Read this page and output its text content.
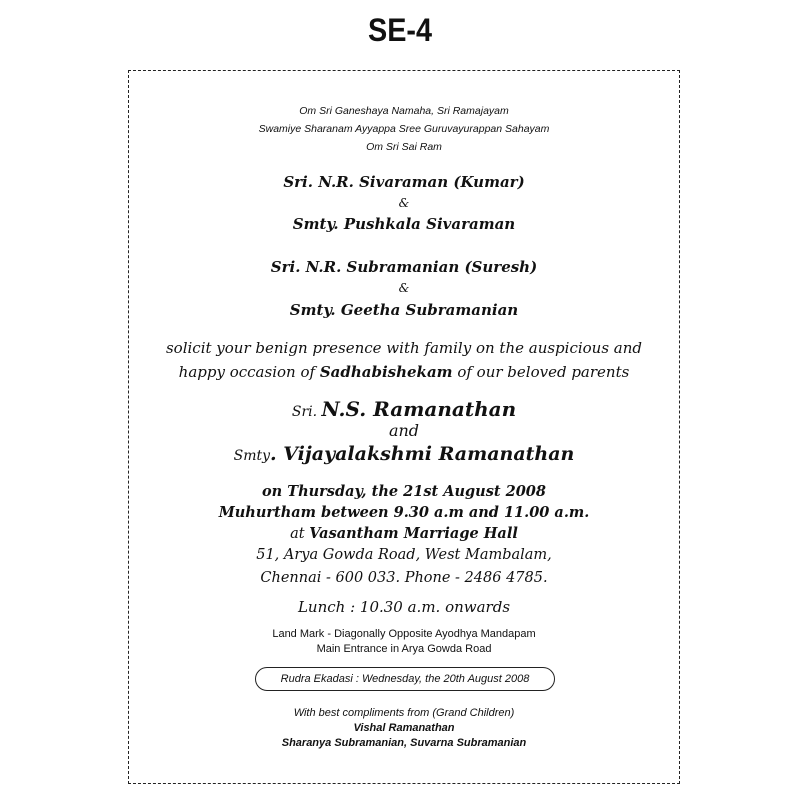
SE-4
Om Sri Ganeshaya Namaha, Sri Ramajayam
Swamiye Sharanam Ayyappa Sree Guruvayurappan Sahayam
Om Sri Sai Ram
Sri. N.R. Sivaraman (Kumar)
&
Smty. Pushkala Sivaraman
Sri. N.R. Subramanian (Suresh)
&
Smty. Geetha Subramanian
solicit your benign presence with family on the auspicious and
happy occasion of Sadhabishekam of our beloved parents
Sri. N.S. Ramanathan
and
Smty. Vijayalakshmi Ramanathan
on Thursday, the 21st August 2008
Muhurtham between 9.30 a.m and 11.00 a.m.
at Vasantham Marriage Hall
51, Arya Gowda Road, West Mambalam,
Chennai - 600 033. Phone - 2486 4785.
Lunch : 10.30 a.m. onwards
Land Mark - Diagonally Opposite Ayodhya Mandapam
Main Entrance in Arya Gowda Road
Rudra Ekadasi : Wednesday, the 20th August 2008
With best compliments from (Grand Children)
Vishal Ramanathan
Sharanya Subramanian, Suvarna Subramanian
